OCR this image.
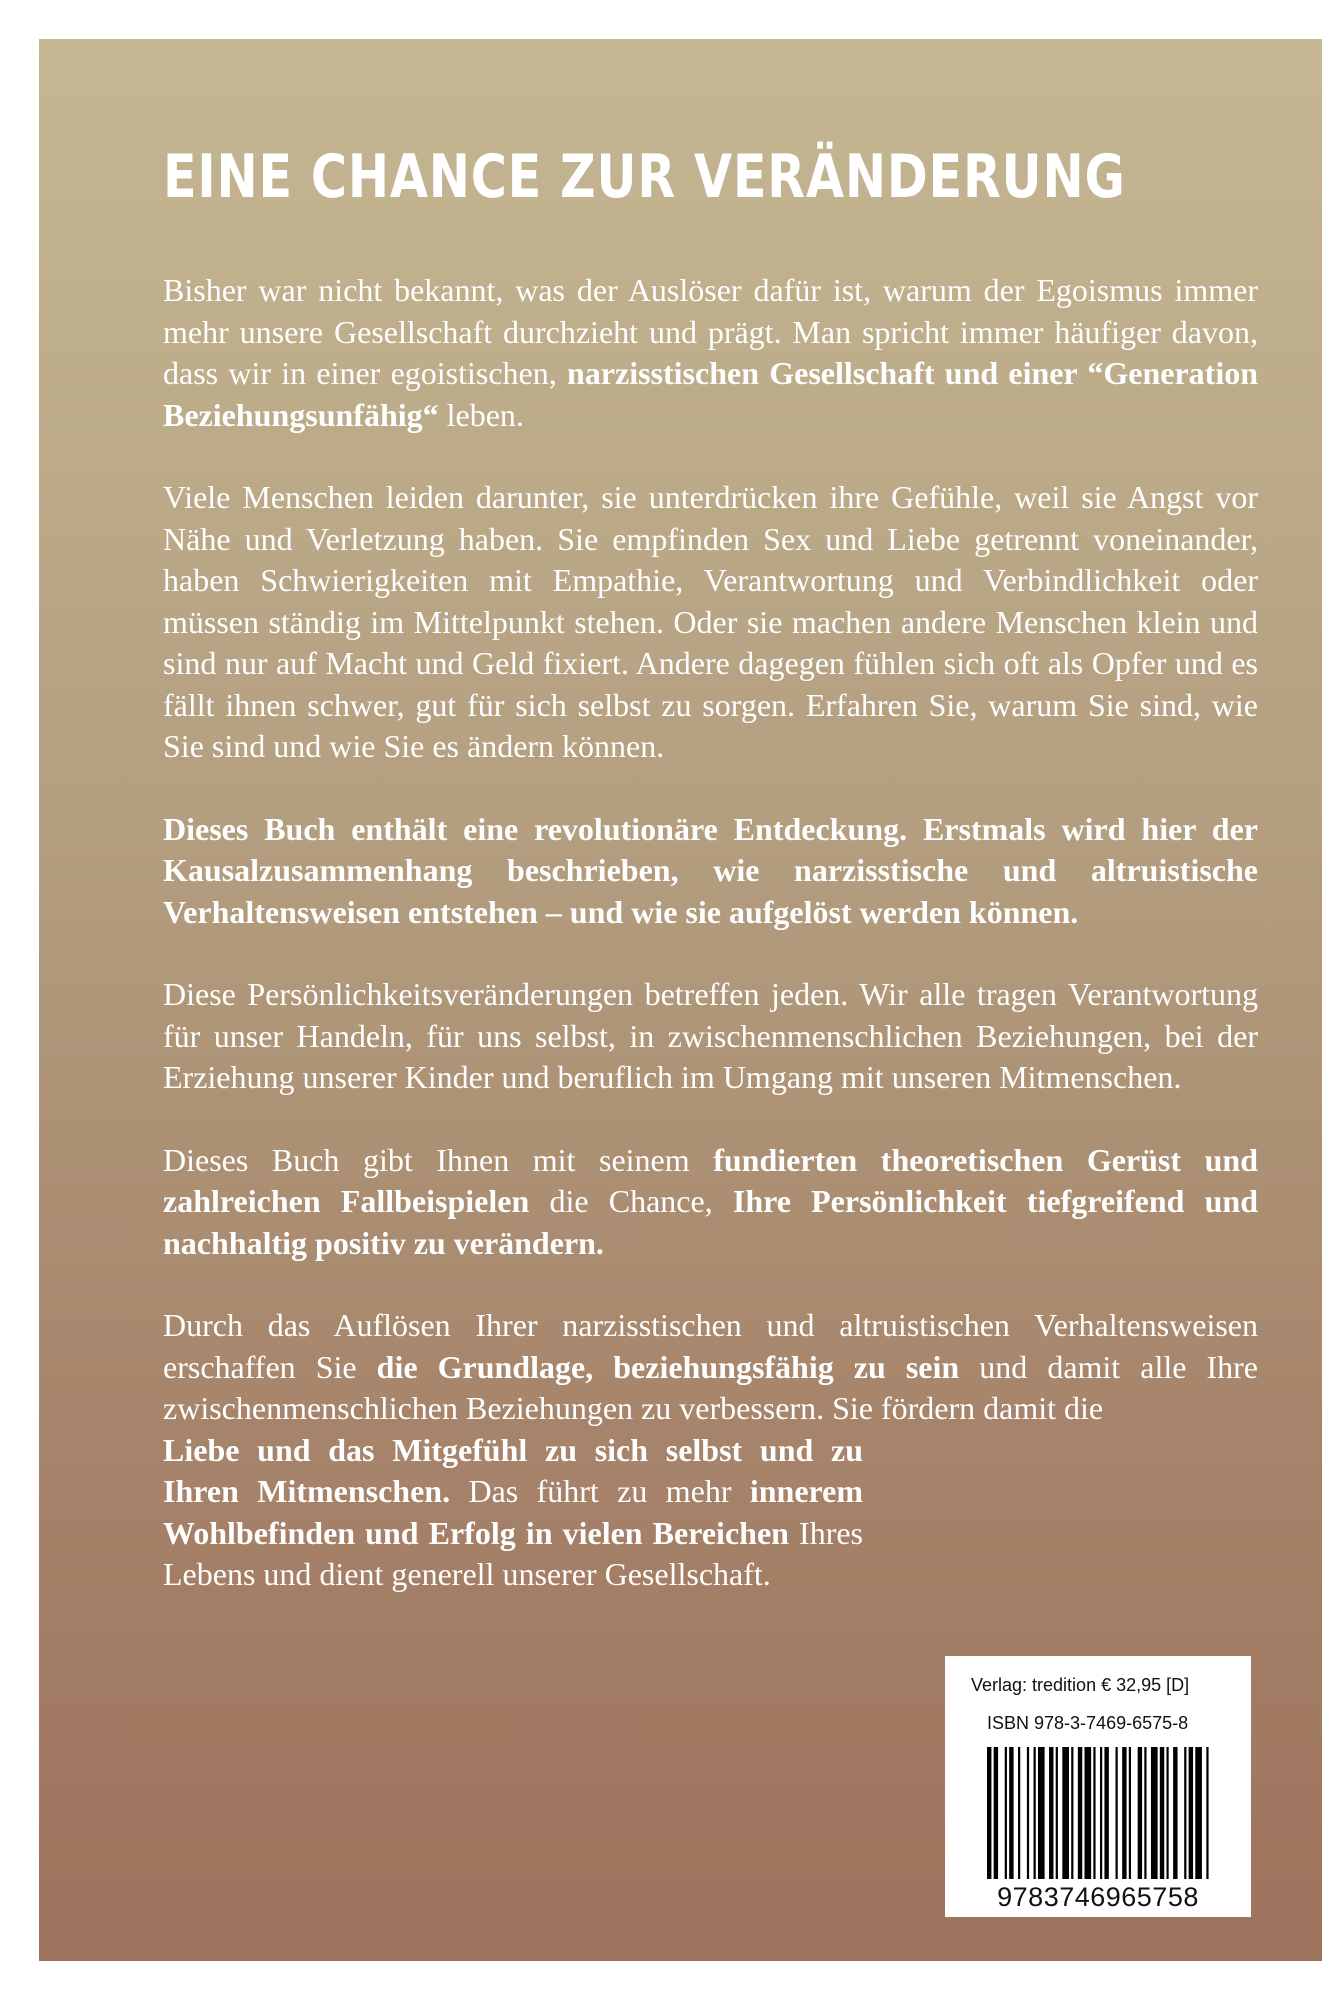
EINE CHANCE ZUR VERÄNDERUNG

Bisher war nicht bekannt, was der Auslöser dafür ist, warum der Egoismus immer mehr unsere Gesellschaft durchzieht und prägt. Man spricht immer häufiger davon, dass wir in einer egoistischen, narzisstischen Gesellschaft und einer “Generation Beziehungsunfähig“ leben.

Viele Menschen leiden darunter, sie unterdrücken ihre Gefühle, weil sie Angst vor Nähe und Verletzung haben. Sie empfinden Sex und Liebe getrennt voneinander, haben Schwierigkeiten mit Empathie, Verantwortung und Verbindlichkeit oder müssen ständig im Mittelpunkt stehen. Oder sie machen andere Menschen klein und sind nur auf Macht und Geld fixiert. Andere dagegen fühlen sich oft als Opfer und es fällt ihnen schwer, gut für sich selbst zu sorgen. Erfahren Sie, warum Sie sind, wie Sie sind und wie Sie es ändern können.

Dieses Buch enthält eine revolutionäre Entdeckung. Erstmals wird hier der Kausalzusammenhang beschrieben, wie narzisstische und altruistische Verhaltensweisen entstehen – und wie sie aufgelöst werden können.

Diese Persönlichkeitsveränderungen betreffen jeden. Wir alle tragen Verantwortung für unser Handeln, für uns selbst, in zwischenmenschlichen Beziehungen, bei der Erziehung unserer Kinder und beruflich im Umgang mit unseren Mitmenschen.

Dieses Buch gibt Ihnen mit seinem fundierten theoretischen Gerüst und zahlreichen Fallbeispielen die Chance, Ihre Persönlichkeit tiefgreifend und nachhaltig positiv zu verändern.

Durch das Auflösen Ihrer narzisstischen und altruistischen Verhaltensweisen erschaffen Sie die Grundlage, beziehungsfähig zu sein und damit alle Ihre zwischenmenschlichen Beziehungen zu verbessern. Sie fördern damit die

Liebe und das Mitgefühl zu sich selbst und zu Ihren Mitmenschen. Das führt zu mehr innerem Wohlbefinden und Erfolg in vielen Bereichen Ihres Lebens und dient generell unserer Gesellschaft.

Verlag: tredition € 32,95 [D]
ISBN 978-3-7469-6575-8
9783746965758
